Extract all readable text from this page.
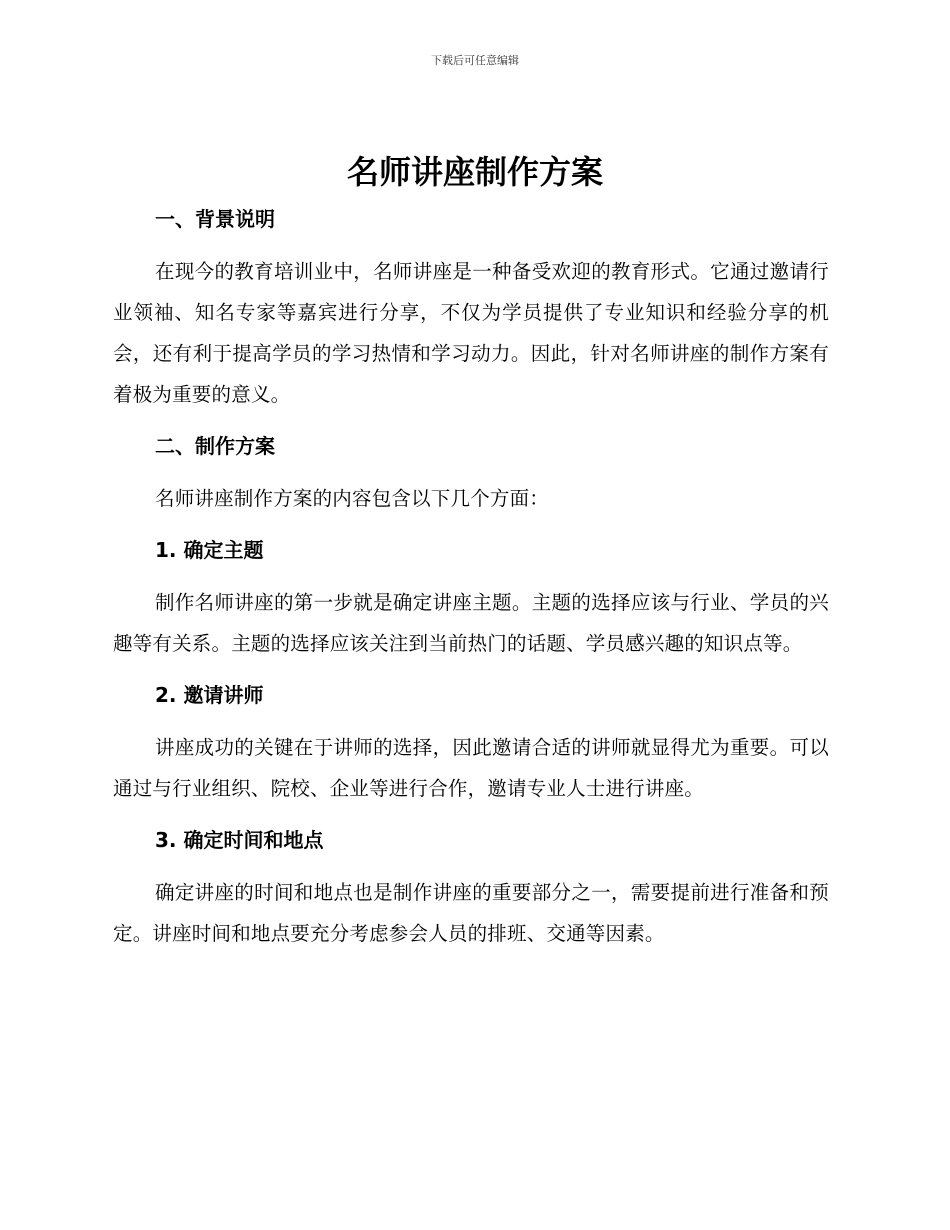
下载后可任意编辑
名师讲座制作方案
一、背景说明

在现今的教育培训业中，名师讲座是一种备受欢迎的教育形式。它通过邀请行业领袖、知名专家等嘉宾进行分享，不仅为学员提供了专业知识和经验分享的机会，还有利于提高学员的学习热情和学习动力。因此，针对名师讲座的制作方案有着极为重要的意义。

二、制作方案

名师讲座制作方案的内容包含以下几个方面：

1. 确定主题

制作名师讲座的第一步就是确定讲座主题。主题的选择应该与行业、学员的兴趣等有关系。主题的选择应该关注到当前热门的话题、学员感兴趣的知识点等。

2. 邀请讲师

讲座成功的关键在于讲师的选择，因此邀请合适的讲师就显得尤为重要。可以通过与行业组织、院校、企业等进行合作，邀请专业人士进行讲座。

3. 确定时间和地点

确定讲座的时间和地点也是制作讲座的重要部分之一，需要提前进行准备和预定。讲座时间和地点要充分考虑参会人员的排班、交通等因素。
